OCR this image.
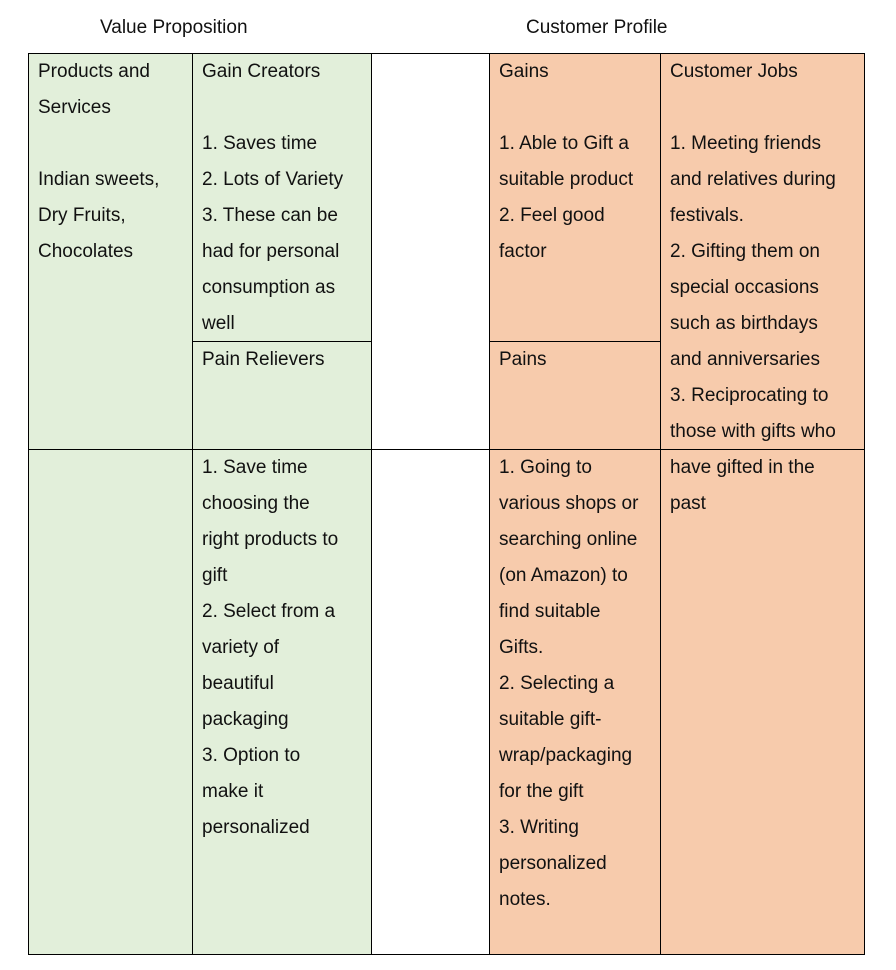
Value Proposition	Customer Profile
Products and Services
Indian sweets,
Dry Fruits,
Chocolates
Gain Creators
1. Saves time
2. Lots of Variety
3. These can be
had for personal
consumption as
well
Pain Relievers
1. Save time
choosing the
right products to
gift
2. Select from a
variety of
beautiful
packaging
3. Option to
make it
personalized
Gains
1. Able to Gift a
suitable product
2. Feel good
factor
Pains
1. Going to
various shops or
searching online
(on Amazon) to
find suitable
Gifts.
2. Selecting a
suitable gift-
wrap/packaging
for the gift
3. Writing
personalized
notes.
Customer Jobs
1. Meeting friends
and relatives during
festivals.
2. Gifting them on
special occasions
such as birthdays
and anniversaries
3. Reciprocating to
those with gifts who
have gifted in the
past
